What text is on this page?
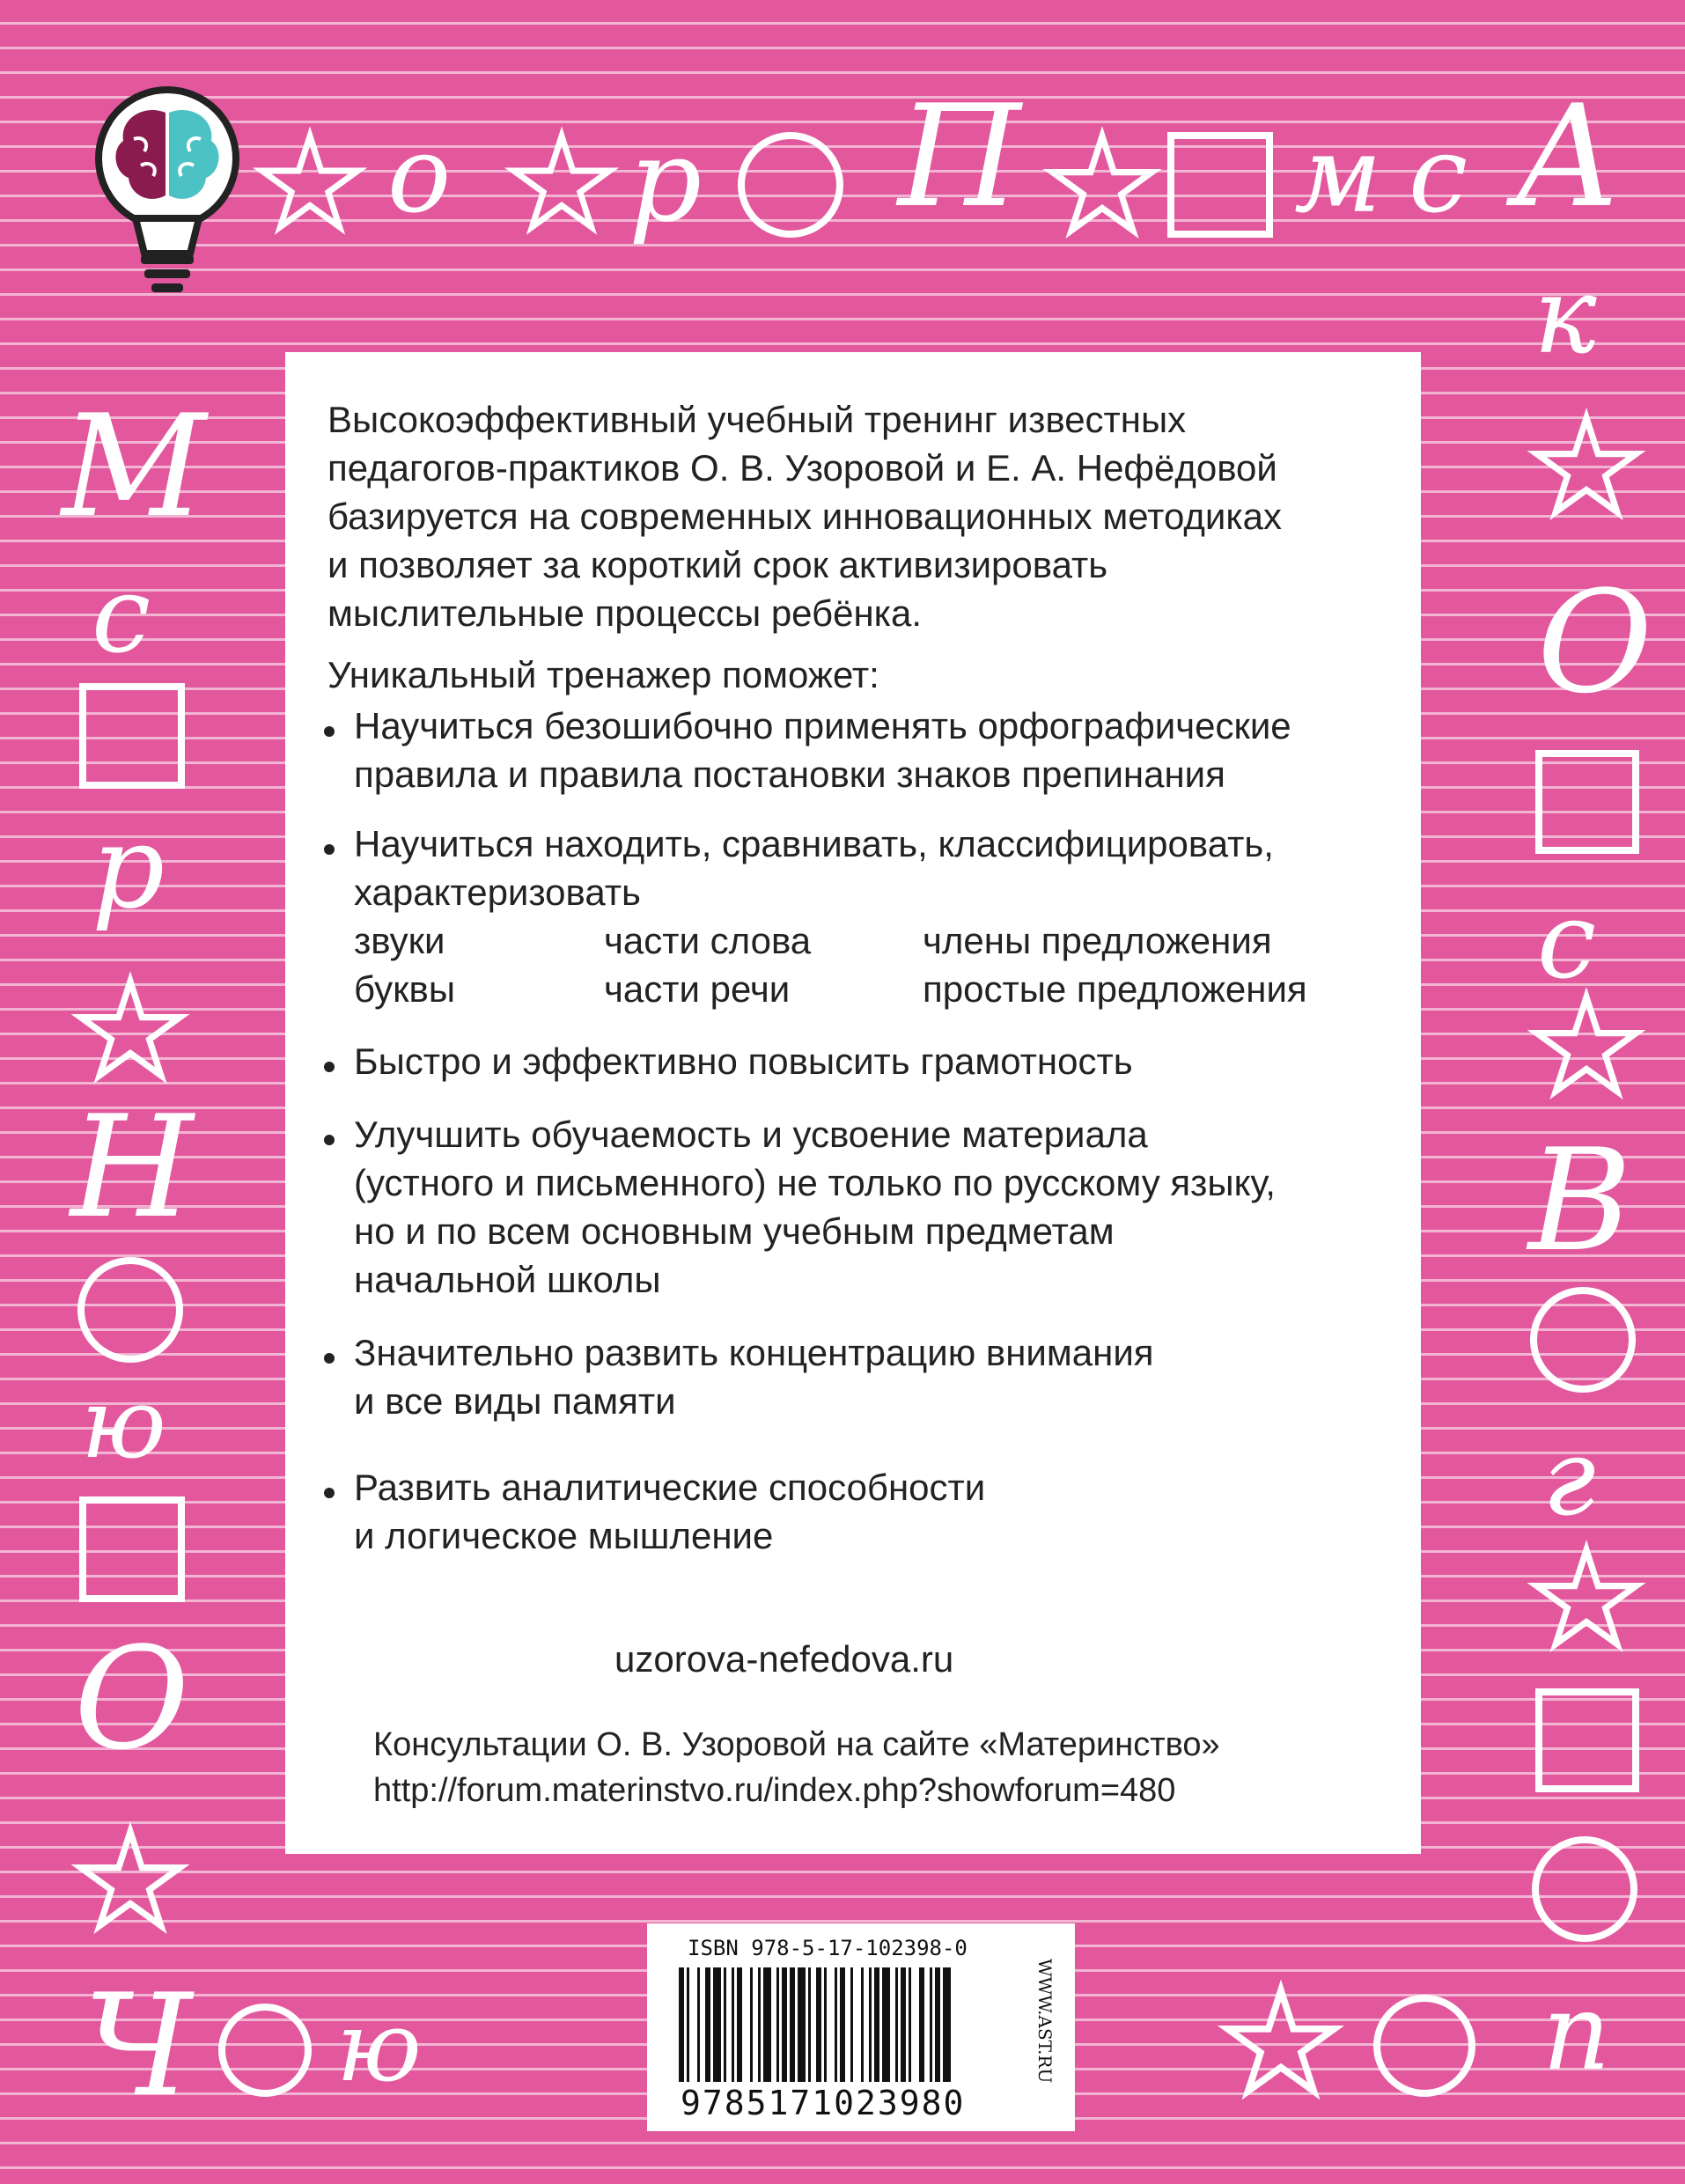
о р П	м с А
М
с
р
Н
ю
О
Ч ю
к
О
с
В
г
п
Высокоэффективный учебный тренинг известных
педагогов-практиков О. В. Узоровой и Е. А. Нефёдовой
базируется на современных инновационных методиках
и позволяет за короткий срок активизировать
мыслительные процессы ребёнка.
Уникальный тренажер поможет:
Научиться безошибочно применять орфографические
правила и правила постановки знаков препинания
Научиться находить, сравнивать, классифицировать,
характеризовать
звуки	части слова	члены предложения
буквы	части речи	простые предложения
Быстро и эффективно повысить грамотность
Улучшить обучаемость и усвоение материала
(устного и письменного) не только по русскому языку,
но и по всем основным учебным предметам
начальной школы
Значительно развить концентрацию внимания
и все виды памяти
Развить аналитические способности
и логическое мышление
uzorova-nefedova.ru
Консультации О. В. Узоровой на сайте «Материнство»
http://forum.materinstvo.ru/index.php?showforum=480
ISBN 978-5-17-102398-0
9785171023980
WWW.AST.RU
